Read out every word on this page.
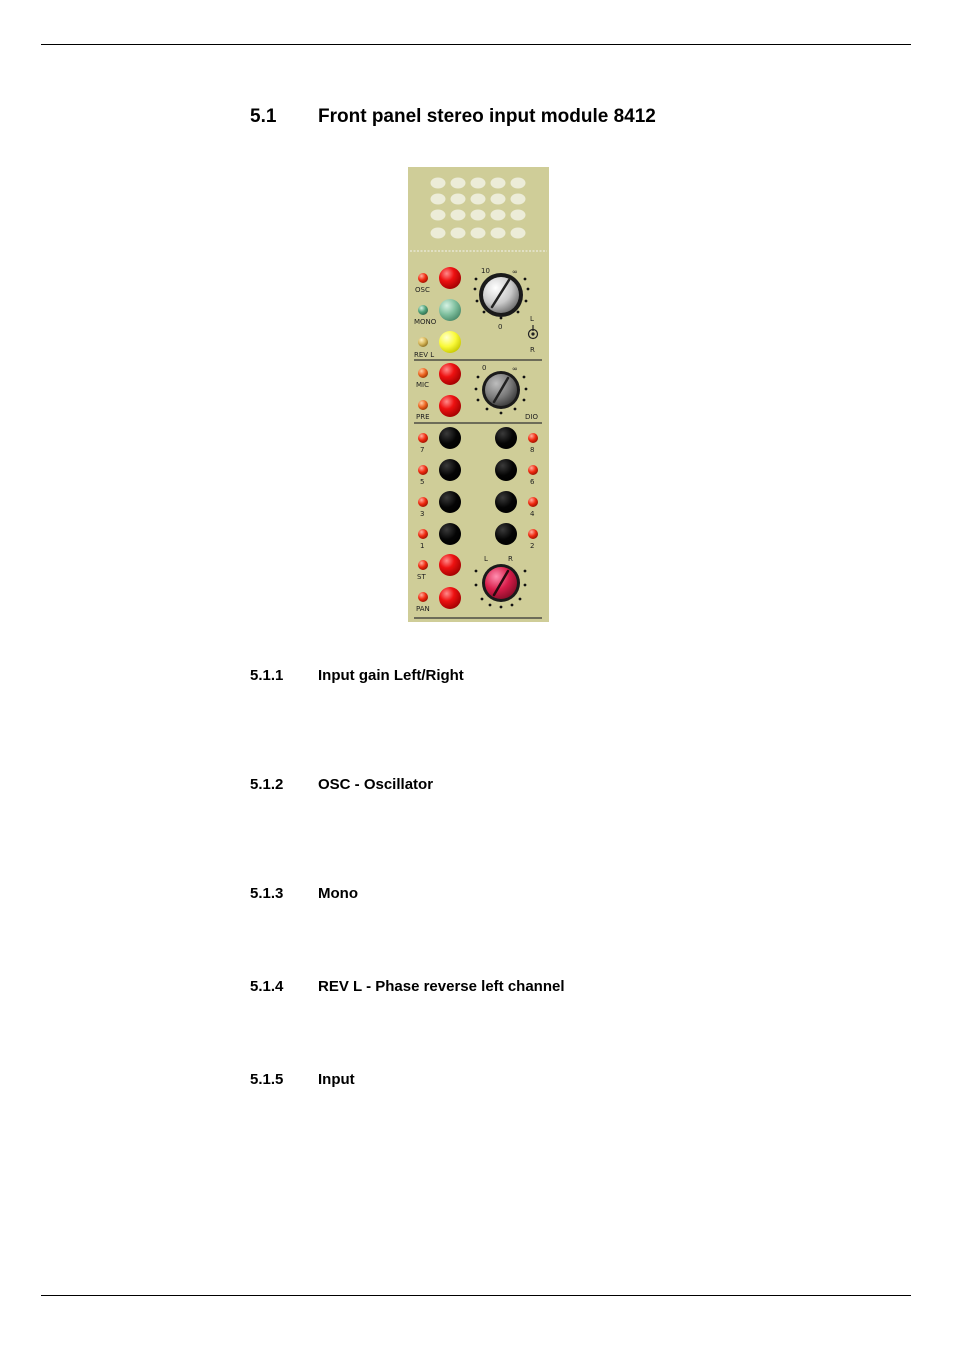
5.1 Front panel stereo input module 8412
OSC
MONO
REV L
10
0
∞
L
R
MIC
PRE
0	∞
DIO
7
5
3
1
8
6
4
2
ST
PAN
L	R
5.1.1 Input gain Left/Right
5.1.2 OSC - Oscillator
5.1.3 Mono
5.1.4 REV L - Phase reverse left channel
5.1.5 Input
